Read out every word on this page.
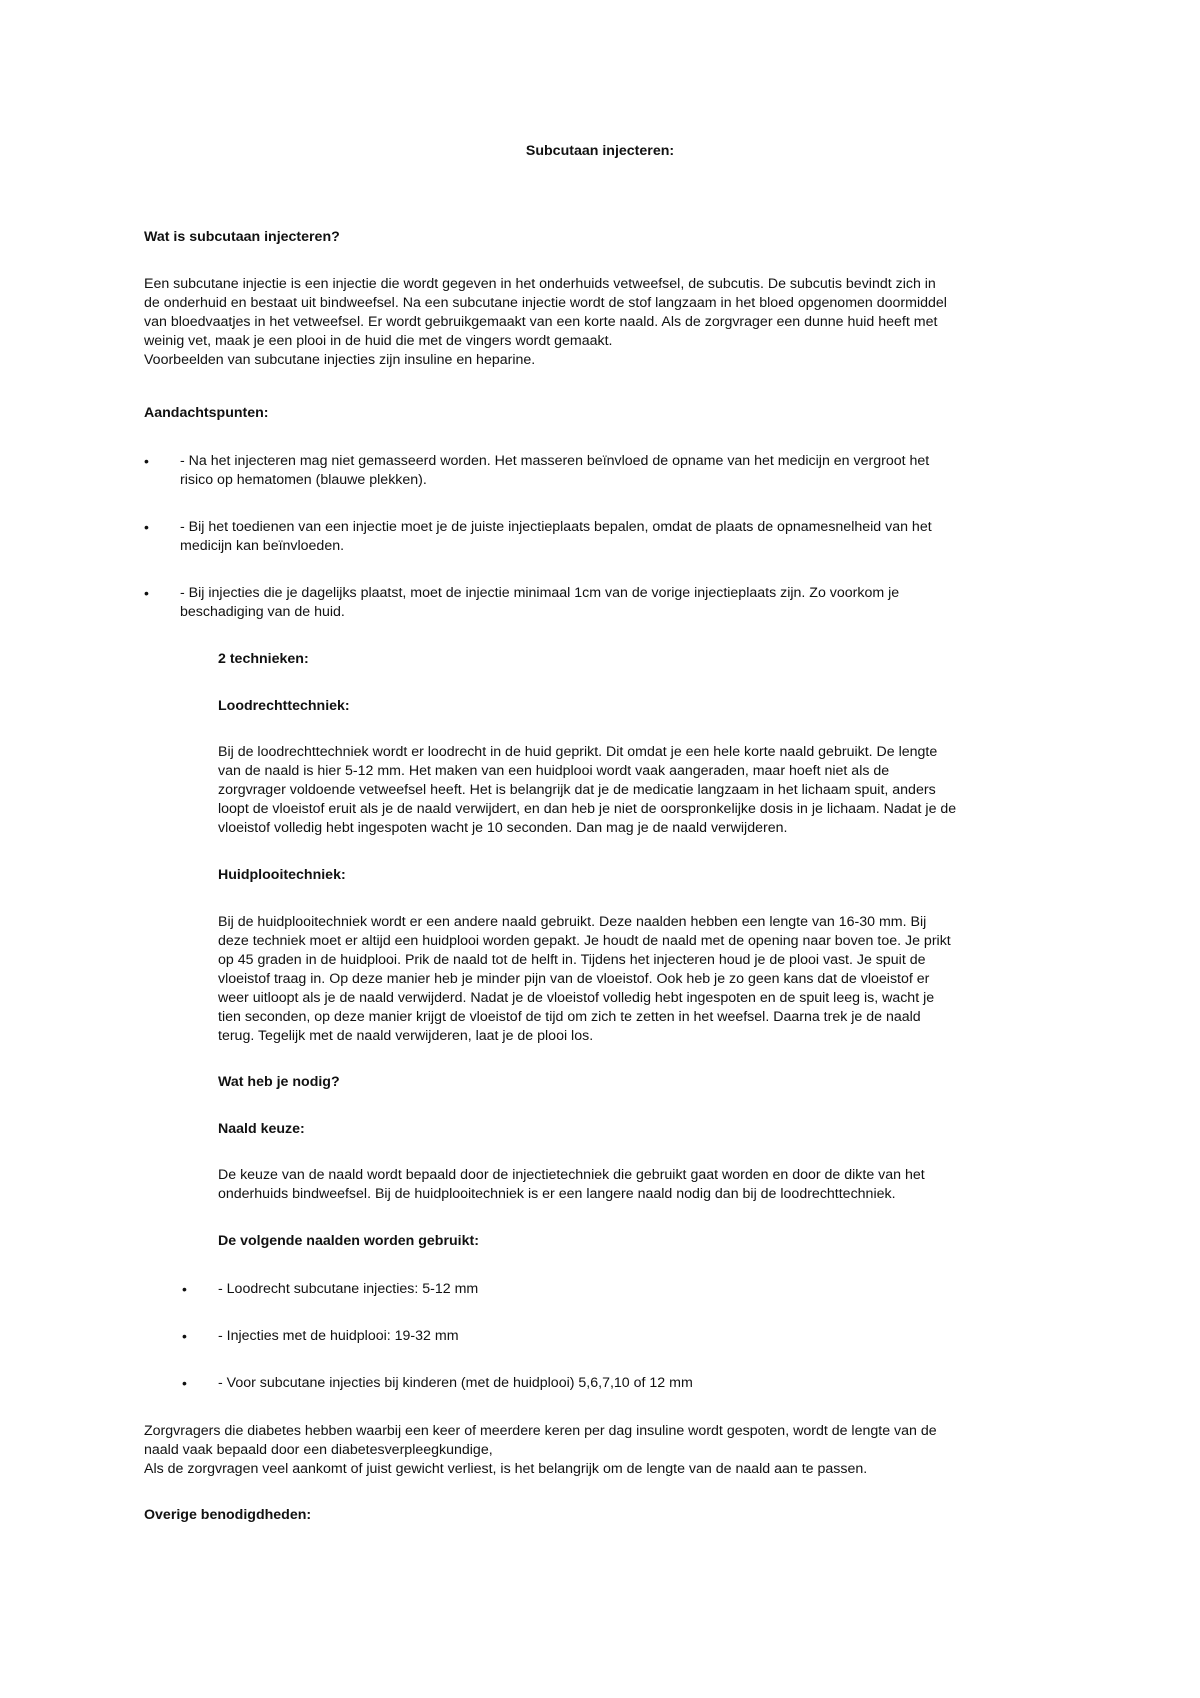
Subcutaan injecteren:
Wat is subcutaan injecteren?
Een subcutane injectie is een injectie die wordt gegeven in het onderhuids vetweefsel, de subcutis. De subcutis bevindt zich in
de onderhuid en bestaat uit bindweefsel. Na een subcutane injectie wordt de stof langzaam in het bloed opgenomen doormiddel
van bloedvaatjes in het vetweefsel. Er wordt gebruikgemaakt van een korte naald. Als de zorgvrager een dunne huid heeft met
weinig vet, maak je een plooi in de huid die met de vingers wordt gemaakt.
Voorbeelden van subcutane injecties zijn insuline en heparine.
Aandachtspunten:
• - Na het injecteren mag niet gemasseerd worden. Het masseren beïnvloed de opname van het medicijn en vergroot het
risico op hematomen (blauwe plekken).
• - Bij het toedienen van een injectie moet je de juiste injectieplaats bepalen, omdat de plaats de opnamesnelheid van het
medicijn kan beïnvloeden.
• - Bij injecties die je dagelijks plaatst, moet de injectie minimaal 1cm van de vorige injectieplaats zijn. Zo voorkom je
beschadiging van de huid.
2 technieken:
Loodrechttechniek:
Bij de loodrechttechniek wordt er loodrecht in de huid geprikt. Dit omdat je een hele korte naald gebruikt. De lengte
van de naald is hier 5-12 mm. Het maken van een huidplooi wordt vaak aangeraden, maar hoeft niet als de
zorgvrager voldoende vetweefsel heeft. Het is belangrijk dat je de medicatie langzaam in het lichaam spuit, anders
loopt de vloeistof eruit als je de naald verwijdert, en dan heb je niet de oorspronkelijke dosis in je lichaam. Nadat je de
vloeistof volledig hebt ingespoten wacht je 10 seconden. Dan mag je de naald verwijderen.
Huidplooitechniek:
Bij de huidplooitechniek wordt er een andere naald gebruikt. Deze naalden hebben een lengte van 16-30 mm. Bij
deze techniek moet er altijd een huidplooi worden gepakt. Je houdt de naald met de opening naar boven toe. Je prikt
op 45 graden in de huidplooi. Prik de naald tot de helft in. Tijdens het injecteren houd je de plooi vast. Je spuit de
vloeistof traag in. Op deze manier heb je minder pijn van de vloeistof. Ook heb je zo geen kans dat de vloeistof er
weer uitloopt als je de naald verwijderd. Nadat je de vloeistof volledig hebt ingespoten en de spuit leeg is, wacht je
tien seconden, op deze manier krijgt de vloeistof de tijd om zich te zetten in het weefsel. Daarna trek je de naald
terug. Tegelijk met de naald verwijderen, laat je de plooi los.
Wat heb je nodig?
Naald keuze:
De keuze van de naald wordt bepaald door de injectietechniek die gebruikt gaat worden en door de dikte van het
onderhuids bindweefsel. Bij de huidplooitechniek is er een langere naald nodig dan bij de loodrechttechniek.
De volgende naalden worden gebruikt:
• - Loodrecht subcutane injecties: 5-12 mm
• - Injecties met de huidplooi: 19-32 mm
• - Voor subcutane injecties bij kinderen (met de huidplooi) 5,6,7,10 of 12 mm
Zorgvragers die diabetes hebben waarbij een keer of meerdere keren per dag insuline wordt gespoten, wordt de lengte van de
naald vaak bepaald door een diabetesverpleegkundige,
Als de zorgvragen veel aankomt of juist gewicht verliest, is het belangrijk om de lengte van de naald aan te passen.
Overige benodigdheden:
